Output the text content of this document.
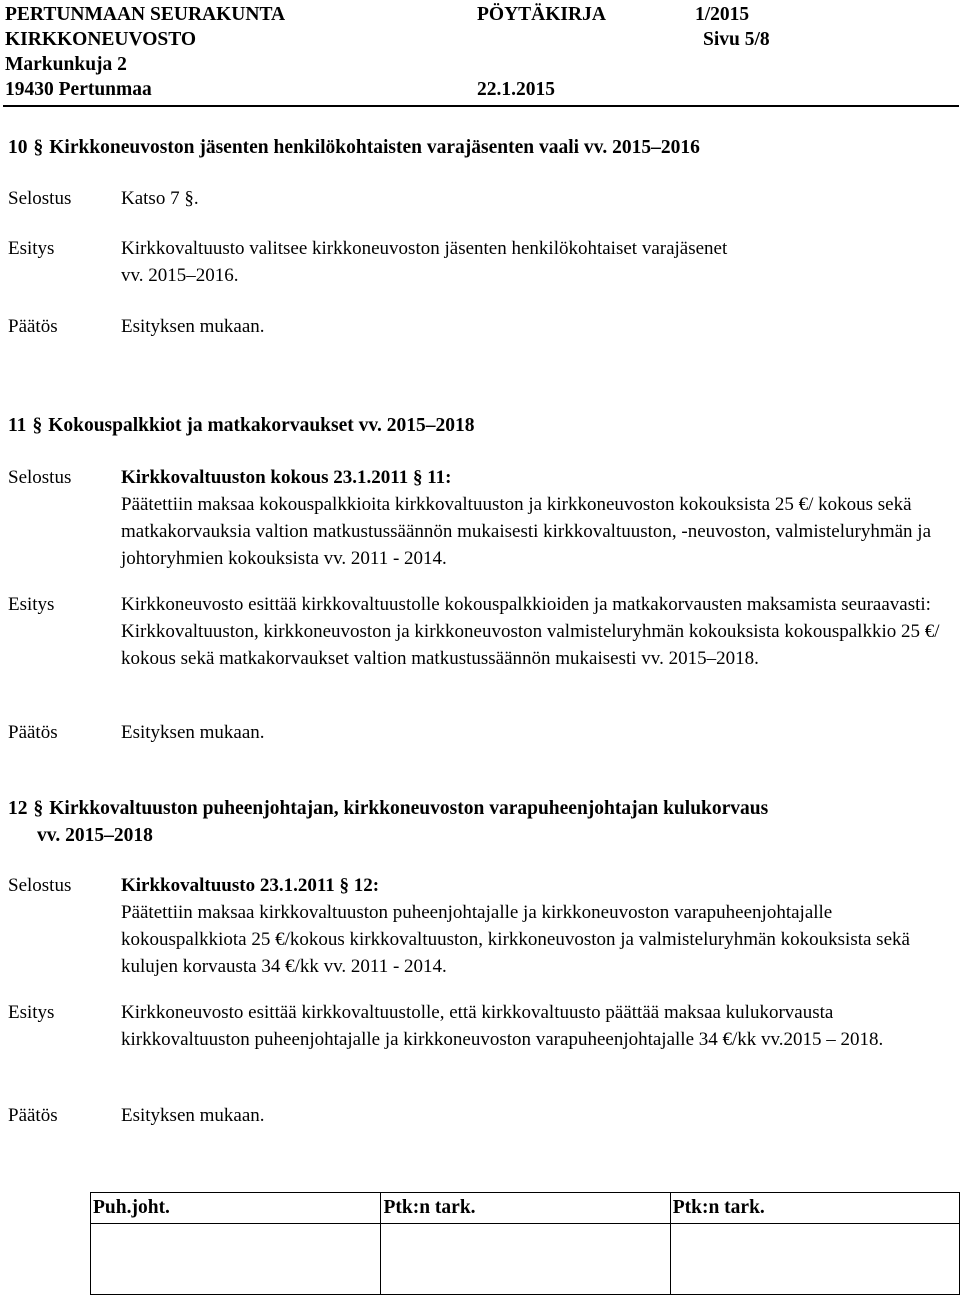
PERTUNMAAN SEURAKUNTA	PÖYTÄKIRJA	1/2015
KIRKKONEUVOSTO	Sivu 5/8
Markunkuja 2
19430 Pertunmaa	22.1.2015
10 § Kirkkoneuvoston jäsenten henkilökohtaisten varajäsenten vaali vv. 2015–2016
Selostus	Katso 7 §.
Esitys	Kirkkovaltuusto valitsee kirkkoneuvoston jäsenten henkilökohtaiset varajäsenet vv. 2015–2016.
Päätös	Esityksen mukaan.
11 § Kokouspalkkiot ja matkakorvaukset vv. 2015–2018
Selostus	Kirkkovaltuuston kokous 23.1.2011 § 11:
Päätettiin maksaa kokouspalkkioita kirkkovaltuuston ja kirkkoneuvoston kokouksista 25 €/ kokous sekä matkakorvauksia valtion matkustussäännön mukaisesti kirkkovaltuuston, -neuvoston, valmisteluryhmän ja johtoryhmien kokouksista vv. 2011 - 2014.
Esitys	Kirkkoneuvosto esittää kirkkovaltuustolle kokouspalkkioiden ja matkakorvausten maksamista seuraavasti: Kirkkovaltuuston, kirkkoneuvoston ja kirkkoneuvoston valmisteluryhmän kokouksista kokouspalkkio 25 €/ kokous sekä matkakorvaukset valtion matkustussäännön mukaisesti vv. 2015–2018.
Päätös	Esityksen mukaan.
12 § Kirkkovaltuuston puheenjohtajan, kirkkoneuvoston varapuheenjohtajan kulukorvaus
vv. 2015–2018
Selostus	Kirkkovaltuusto 23.1.2011 § 12:
Päätettiin maksaa kirkkovaltuuston puheenjohtajalle ja kirkkoneuvoston varapuheenjohtajalle kokouspalkkiota 25 €/kokous kirkkovaltuuston, kirkkoneuvoston ja valmisteluryhmän kokouksista sekä kulujen korvausta 34 €/kk vv. 2011 - 2014.
Esitys	Kirkkoneuvosto esittää kirkkovaltuustolle, että kirkkovaltuusto päättää maksaa kulukorvausta kirkkovaltuuston puheenjohtajalle ja kirkkoneuvoston varapuheenjohtajalle 34 €/kk vv.2015 – 2018.
Päätös	Esityksen mukaan.
Puh.joht.	Ptk:n tark.	Ptk:n tark.
